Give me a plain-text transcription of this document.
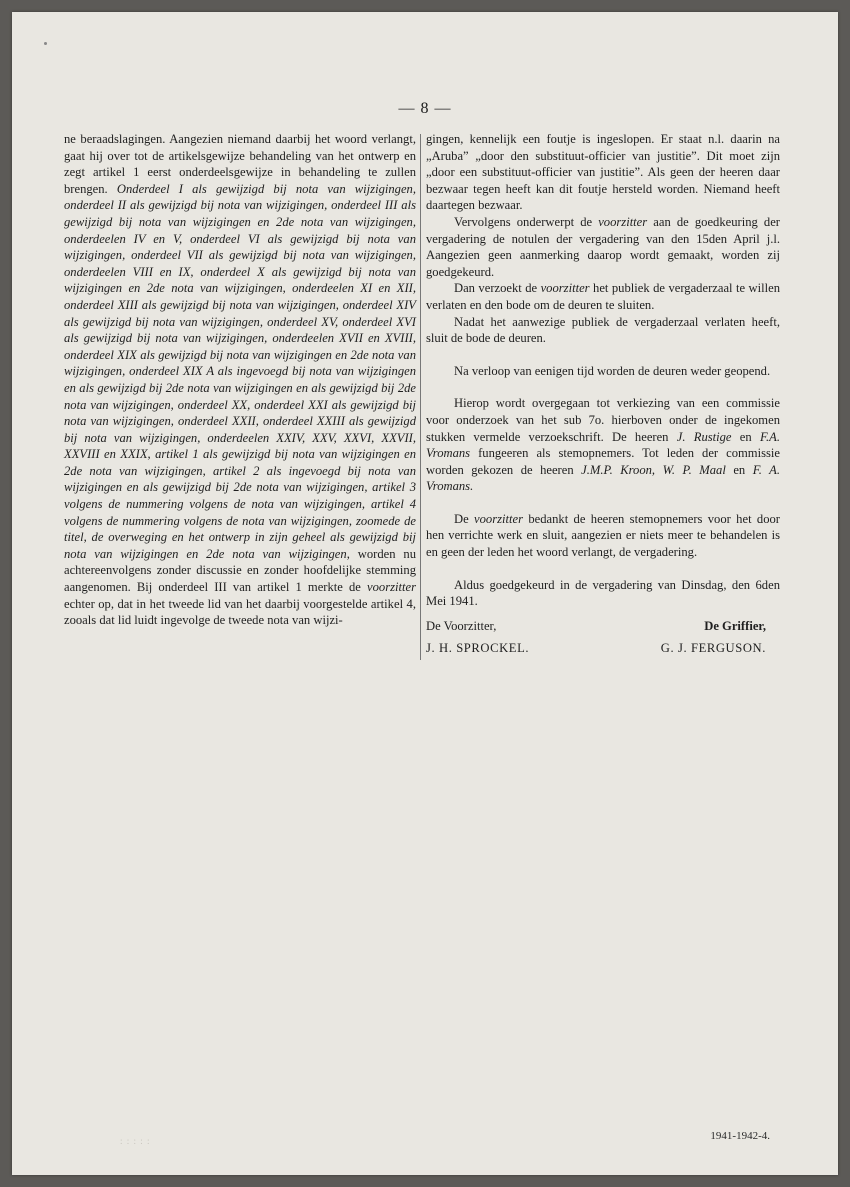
— 8 —

ne beraadslagingen. Aangezien niemand daarbij het woord verlangt, gaat hij over tot de artikelsgewijze behandeling van het ontwerp en zegt artikel 1 eerst onderdeelsgewijze in behandeling te zullen brengen. Onderdeel I als gewijzigd bij nota van wijzigingen, onderdeel II als gewijzigd bij nota van wijzigingen, onderdeel III als gewijzigd bij nota van wijzigingen en 2de nota van wijzigingen, onderdeelen IV en V, onderdeel VI als gewijzigd bij nota van wijzigingen, onderdeel VII als gewijzigd bij nota van wijzigingen, onderdeelen VIII en IX, onderdeel X als gewijzigd bij nota van wijzigingen en 2de nota van wijzigingen, onderdeelen XI en XII, onderdeel XIII als gewijzigd bij nota van wijzigingen, onderdeel XIV als gewijzigd bij nota van wijzigingen, onderdeel XV, onderdeel XVI als gewijzigd bij nota van wijzigingen, onderdeelen XVII en XVIII, onderdeel XIX als gewijzigd bij nota van wijzigingen en 2de nota van wijzigingen, onderdeel XIX A als ingevoegd bij nota van wijzigingen en als gewijzigd bij 2de nota van wijzigingen en als gewijzigd bij 2de nota van wijzigingen, onderdeel XX, onderdeel XXI als gewijzigd bij nota van wijzigingen, onderdeel XXII, onderdeel XXIII als gewijzigd bij nota van wijzigingen, onderdeelen XXIV, XXV, XXVI, XXVII, XXVIII en XXIX, artikel 1 als gewijzigd bij nota van wijzigingen en 2de nota van wijzigingen, artikel 2 als ingevoegd bij nota van wijzigingen en als gewijzigd bij 2de nota van wijzigingen, artikel 3 volgens de nummering volgens de nota van wijzigingen, artikel 4 volgens de nummering volgens de nota van wijzigingen, zoomede de titel, de overweging en het ontwerp in zijn geheel als gewijzigd bij nota van wijzigingen en 2de nota van wijzigingen, worden nu achtereenvolgens zonder discussie en zonder hoofdelijke stemming aangenomen. Bij onderdeel III van artikel 1 merkte de voorzitter echter op, dat in het tweede lid van het daarbij voorgestelde artikel 4, zooals dat lid luidt ingevolge de tweede nota van wijzi-

gingen, kennelijk een foutje is ingeslopen. Er staat n.l. daarin na „Aruba” „door den substituut-officier van justitie”. Dit moet zijn „door een substituut-officier van justitie”. Als geen der heeren daar bezwaar tegen heeft kan dit foutje hersteld worden. Niemand heeft daartegen bezwaar.

Vervolgens onderwerpt de voorzitter aan de goedkeuring der vergadering de notulen der vergadering van den 15den April j.l. Aangezien geen aanmerking daarop wordt gemaakt, worden zij goedgekeurd.

Dan verzoekt de voorzitter het publiek de vergaderzaal te willen verlaten en den bode om de deuren te sluiten.

Nadat het aanwezige publiek de vergaderzaal verlaten heeft, sluit de bode de deuren.

Na verloop van eenigen tijd worden de deuren weder geopend.

Hierop wordt overgegaan tot verkiezing van een commissie voor onderzoek van het sub 7o. hierboven onder de ingekomen stukken vermelde verzoekschrift. De heeren J. Rustige en F.A. Vromans fungeeren als stemopnemers. Tot leden der commissie worden gekozen de heeren J.M.P. Kroon, W. P. Maal en F. A. Vromans.

De voorzitter bedankt de heeren stemopnemers voor het door hen verrichte werk en sluit, aangezien er niets meer te behandelen is en geen der leden het woord verlangt, de vergadering.

Aldus goedgekeurd in de vergadering van Dinsdag, den 6den Mei 1941.

De Voorzitter,	De Griffier,
J. H. SPROCKEL.	G. J. FERGUSON.
: : : : :	1941-1942-4.
